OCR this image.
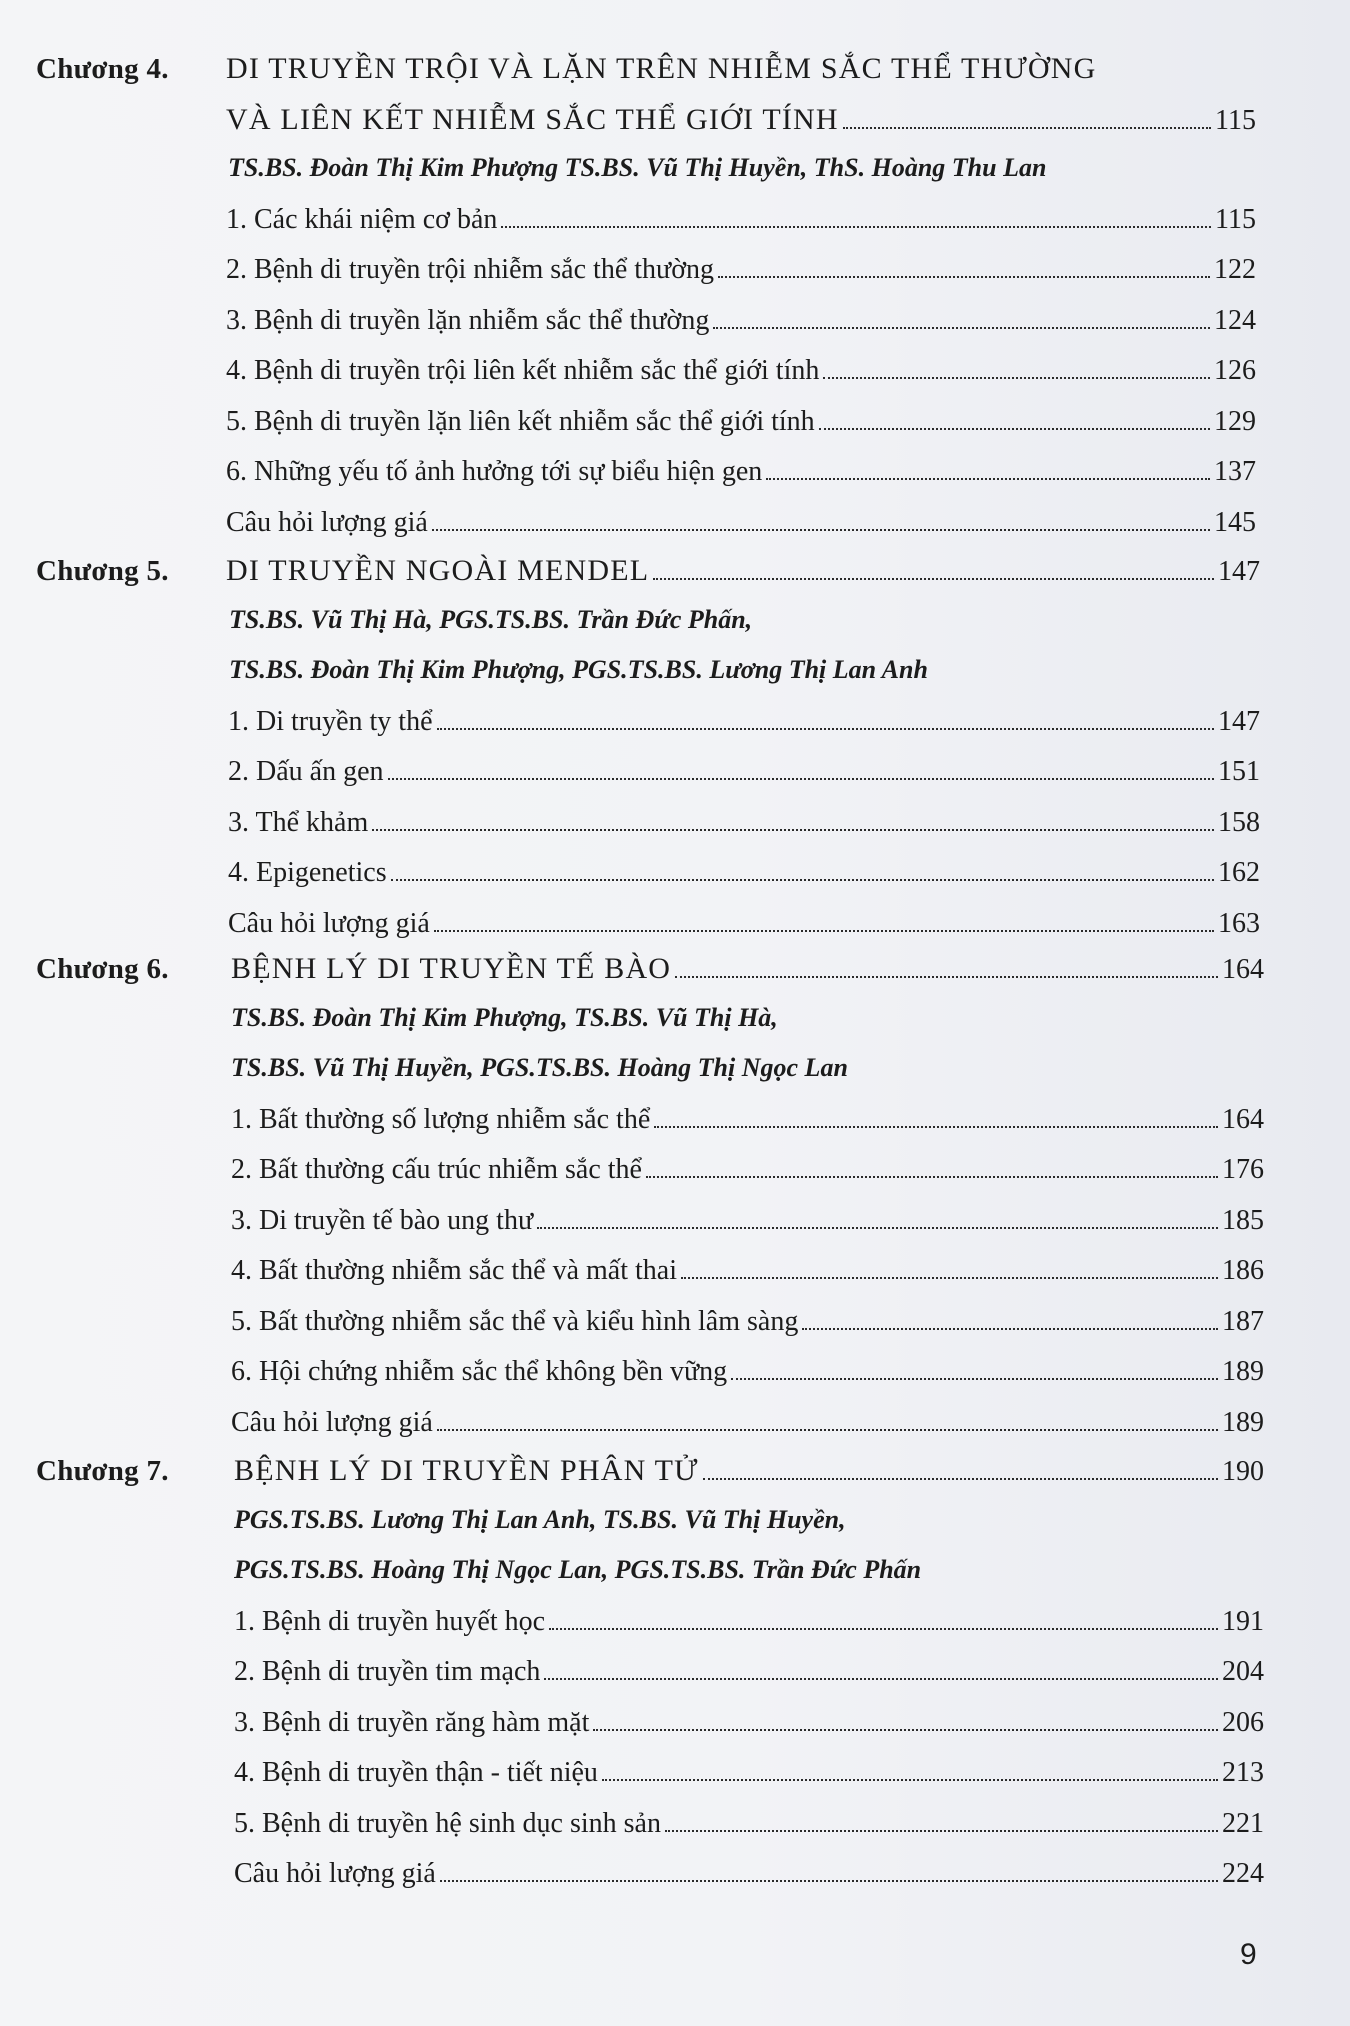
Chương 4. DI TRUYỀN TRỘI VÀ LẶN TRÊN NHIỄM SẮC THỂ THƯỜNG
VÀ LIÊN KẾT NHIỄM SẮC THỂ GIỚI TÍNH	115
TS.BS. Đoàn Thị Kim Phượng TS.BS. Vũ Thị Huyền, ThS. Hoàng Thu Lan
1. Các khái niệm cơ bản	115
2. Bệnh di truyền trội nhiễm sắc thể thường	122
3. Bệnh di truyền lặn nhiễm sắc thể thường	124
4. Bệnh di truyền trội liên kết nhiễm sắc thể giới tính	126
5. Bệnh di truyền lặn liên kết nhiễm sắc thể giới tính	129
6. Những yếu tố ảnh hưởng tới sự biểu hiện gen	137
Câu hỏi lượng giá	145
Chương 5. DI TRUYỀN NGOÀI MENDEL	147
TS.BS. Vũ Thị Hà, PGS.TS.BS. Trần Đức Phấn,
TS.BS. Đoàn Thị Kim Phượng, PGS.TS.BS. Lương Thị Lan Anh
1. Di truyền ty thể	147
2. Dấu ấn gen	151
3. Thể khảm	158
4. Epigenetics	162
Câu hỏi lượng giá	163
Chương 6. BỆNH LÝ DI TRUYỀN TẾ BÀO	164
TS.BS. Đoàn Thị Kim Phượng, TS.BS. Vũ Thị Hà,
TS.BS. Vũ Thị Huyền, PGS.TS.BS. Hoàng Thị Ngọc Lan
1. Bất thường số lượng nhiễm sắc thể	164
2. Bất thường cấu trúc nhiễm sắc thể	176
3. Di truyền tế bào ung thư	185
4. Bất thường nhiễm sắc thể và mất thai	186
5. Bất thường nhiễm sắc thể và kiểu hình lâm sàng	187
6. Hội chứng nhiễm sắc thể không bền vững	189
Câu hỏi lượng giá	189
Chương 7. BỆNH LÝ DI TRUYỀN PHÂN TỬ	190
PGS.TS.BS. Lương Thị Lan Anh, TS.BS. Vũ Thị Huyền,
PGS.TS.BS. Hoàng Thị Ngọc Lan, PGS.TS.BS. Trần Đức Phấn
1. Bệnh di truyền huyết học	191
2. Bệnh di truyền tim mạch	204
3. Bệnh di truyền răng hàm mặt	206
4. Bệnh di truyền thận - tiết niệu	213
5. Bệnh di truyền hệ sinh dục sinh sản	221
Câu hỏi lượng giá	224
9
